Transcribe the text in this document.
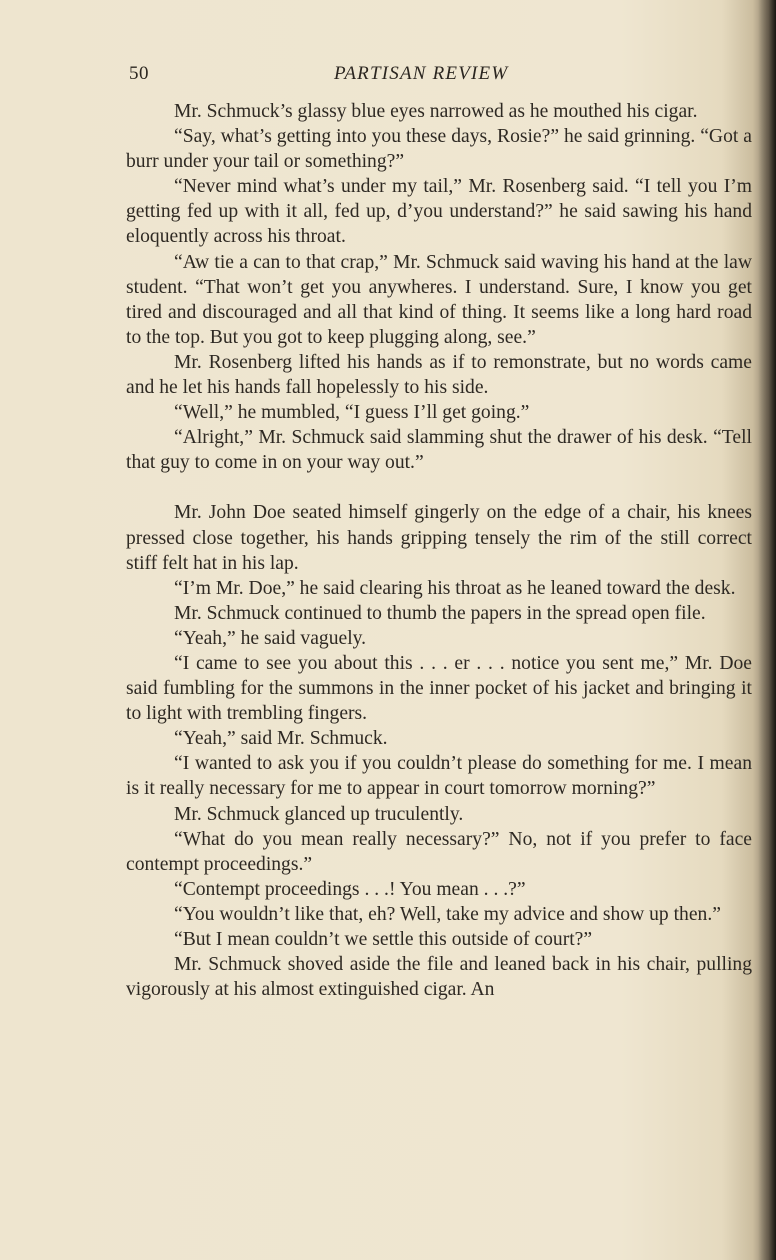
50	PARTISAN REVIEW

Mr. Schmuck’s glassy blue eyes narrowed as he mouthed his cigar.

“Say, what’s getting into you these days, Rosie?” he said grinning. “Got a burr under your tail or something?”

“Never mind what’s under my tail,” Mr. Rosenberg said. “I tell you I’m getting fed up with it all, fed up, d’you understand?” he said sawing his hand eloquently across his throat.

“Aw tie a can to that crap,” Mr. Schmuck said waving his hand at the law student. “That won’t get you anywheres. I understand. Sure, I know you get tired and discouraged and all that kind of thing. It seems like a long hard road to the top. But you got to keep plugging along, see.”

Mr. Rosenberg lifted his hands as if to remonstrate, but no words came and he let his hands fall hopelessly to his side.

“Well,” he mumbled, “I guess I’ll get going.”

“Alright,” Mr. Schmuck said slamming shut the drawer of his desk. “Tell that guy to come in on your way out.”

Mr. John Doe seated himself gingerly on the edge of a chair, his knees pressed close together, his hands gripping tensely the rim of the still correct stiff felt hat in his lap.

“I’m Mr. Doe,” he said clearing his throat as he leaned toward the desk.

Mr. Schmuck continued to thumb the papers in the spread open file.

“Yeah,” he said vaguely.

“I came to see you about this . . . er . . . notice you sent me,” Mr. Doe said fumbling for the summons in the inner pocket of his jacket and bringing it to light with trembling fingers.

“Yeah,” said Mr. Schmuck.

“I wanted to ask you if you couldn’t please do something for me. I mean is it really necessary for me to appear in court tomorrow morning?”

Mr. Schmuck glanced up truculently.

“What do you mean really necessary?” No, not if you prefer to face contempt proceedings.”

“Contempt proceedings . . .! You mean . . .?”

“You wouldn’t like that, eh? Well, take my advice and show up then.”

“But I mean couldn’t we settle this outside of court?”

Mr. Schmuck shoved aside the file and leaned back in his chair, pulling vigorously at his almost extinguished cigar. An
